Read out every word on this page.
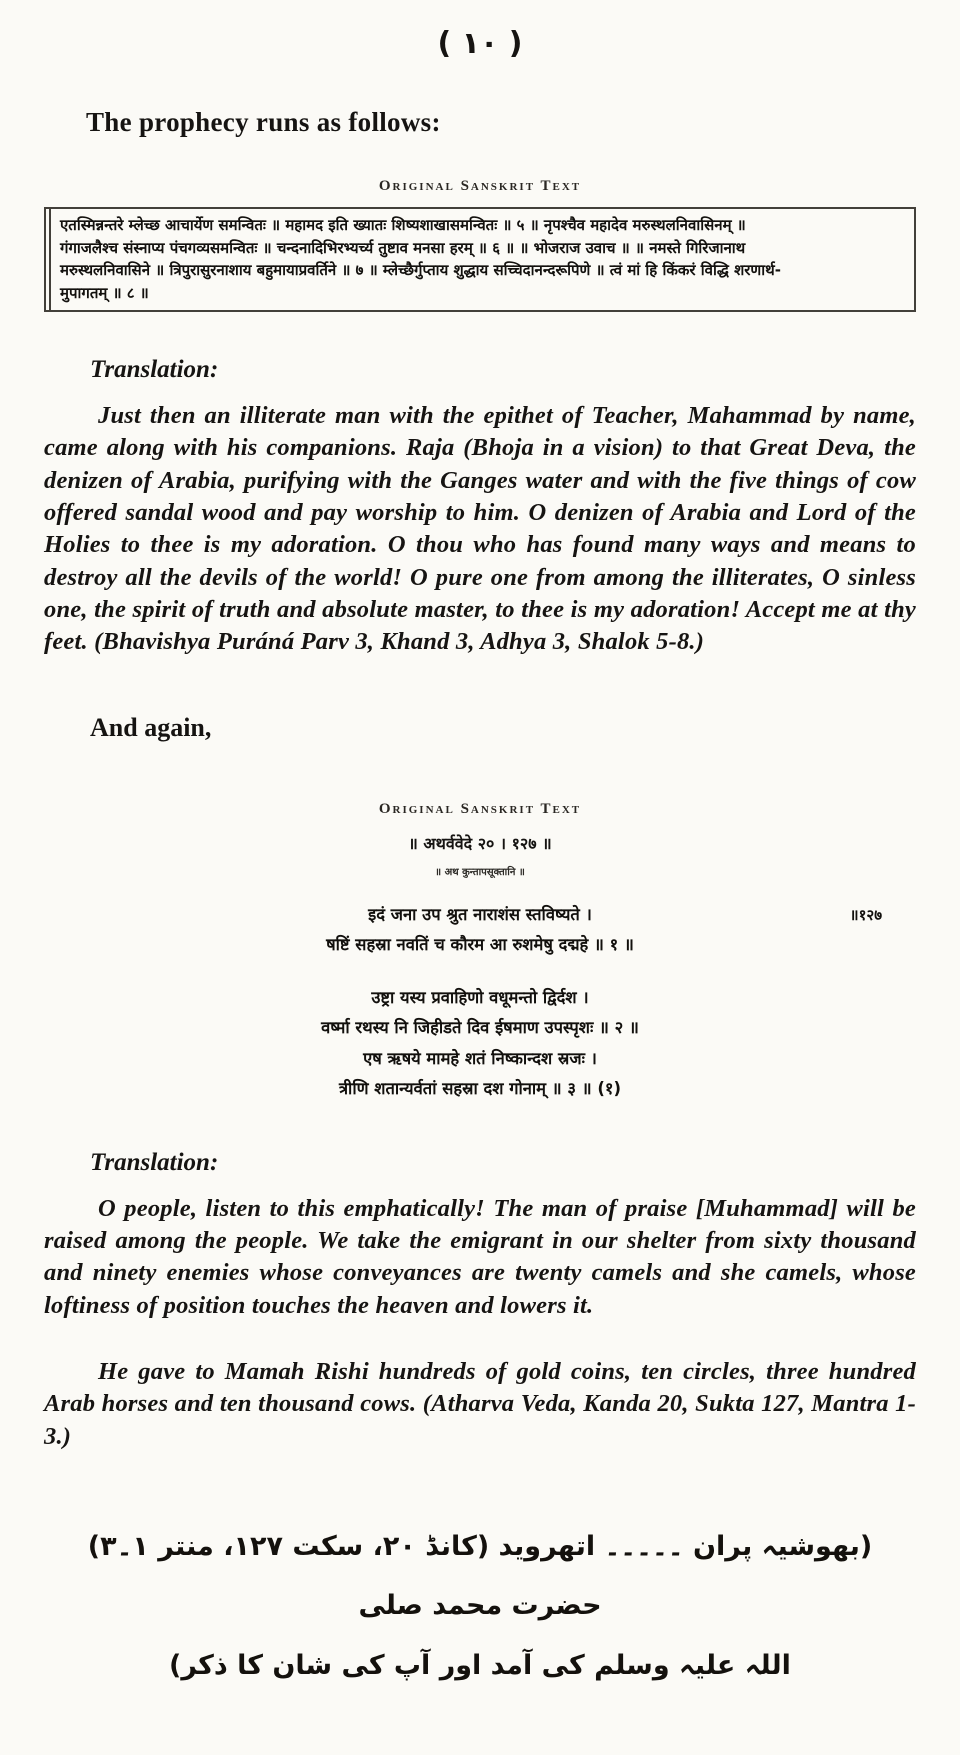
( ۱۰ )
The prophecy runs as follows:
Original Sanskrit Text
एतस्मिन्नन्तरे म्लेच्छ आचार्येण समन्वितः ॥ महामद इति ख्यातः शिष्यशाखासमन्वितः ॥ ५ ॥ नृपश्चैव महादेव मरुस्थलनिवासिनम् ॥
गंगाजलैश्च संस्नाप्य पंचगव्यसमन्वितः ॥ चन्दनादिभिरभ्यर्च्य तुष्टाव मनसा हरम् ॥ ६ ॥ ॥ भोजराज उवाच ॥ ॥ नमस्ते गिरिजानाथ
मरुस्थलनिवासिने ॥ त्रिपुरासुरनाशाय बहुमायाप्रवर्तिने ॥ ७ ॥ म्लेच्छैर्गुप्ताय शुद्धाय सच्चिदानन्दरूपिणे ॥ त्वं मां हि किंकरं विद्धि शरणार्थ-
मुपागतम् ॥ ८ ॥
Translation:

Just then an illiterate man with the epithet of Teacher, Mahammad by name, came along with his companions. Raja (Bhoja in a vision) to that Great Deva, the denizen of Arabia, purifying with the Ganges water and with the five things of cow offered sandal wood and pay worship to him. O denizen of Arabia and Lord of the Holies to thee is my adoration. O thou who has found many ways and means to destroy all the devils of the world! O pure one from among the illiterates, O sinless one, the spirit of truth and absolute master, to thee is my adoration! Accept me at thy feet. (Bhavishya Puráná Parv 3, Khand 3, Adhya 3, Shalok 5-8.)

And again,
Original Sanskrit Text
॥ अथर्ववेदे २० । १२७ ॥
॥ अथ कुन्तापसूक्तानि ॥
इदं जना उप श्रुत नाराशंस स्तविष्यते ।	॥१२७
षष्टिं सहस्रा नवतिं च कौरम आ रुशमेषु दद्महे ॥ १ ॥
उष्ट्रा यस्य प्रवाहिणो वधूमन्तो द्विर्दश ।
वर्ष्मा रथस्य नि जिहीडते दिव ईषमाण उपस्पृशः ॥ २ ॥
एष ऋषये मामहे शतं निष्कान्दश स्रजः ।
त्रीणि शतान्यर्वतां सहस्रा दश गोनाम् ॥ ३ ॥ (१)
Translation:

O people, listen to this emphatically! The man of praise [Muhammad] will be raised among the people. We take the emigrant in our shelter from sixty thousand and ninety enemies whose conveyances are twenty camels and she camels, whose loftiness of position touches the heaven and lowers it.

He gave to Mamah Rishi hundreds of gold coins, ten circles, three hundred Arab horses and ten thousand cows. (Atharva Veda, Kanda 20, Sukta 127, Mantra 1-3.)

(بھوشیہ پران ۔۔۔۔۔ اتھروید (کانڈ ۲۰، سکت ۱۲۷، منتر ۱۔۳) حضرت محمد صلی
اللہ علیہ وسلم کی آمد اور آپ کی شان کا ذکر)
